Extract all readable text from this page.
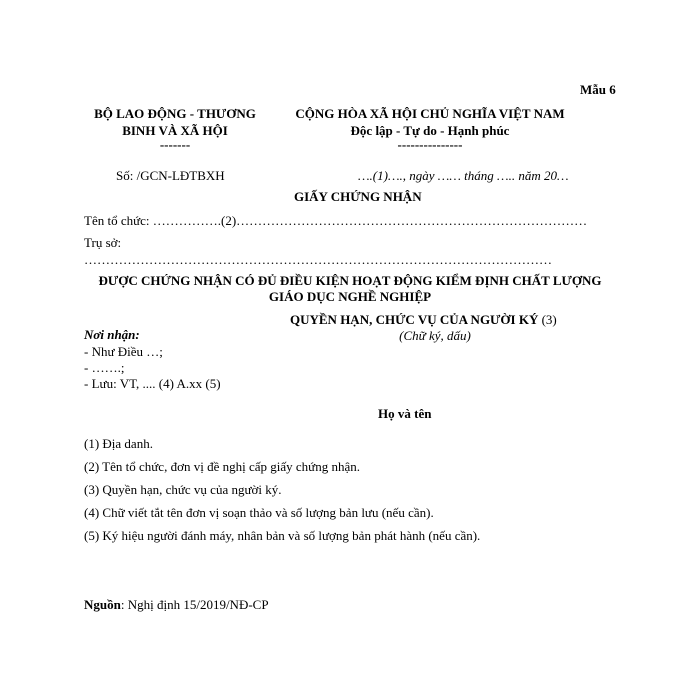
Mẫu 6
BỘ LAO ĐỘNG - THƯƠNG
BINH VÀ XÃ HỘI
-------
CỘNG HÒA XÃ HỘI CHỦ NGHĨA VIỆT NAM
Độc lập - Tự do - Hạnh phúc
---------------
Số: /GCN-LĐTBXH	….(1)…., ngày …… tháng ….. năm 20…
GIẤY CHỨNG NHẬN
Tên tổ chức: …………….(2)………………………………………………………………………
Trụ sở:
………………………………………………………………………………………………
ĐƯỢC CHỨNG NHẬN CÓ ĐỦ ĐIỀU KIỆN HOẠT ĐỘNG KIỂM ĐỊNH CHẤT LƯỢNG
GIÁO DỤC NGHỀ NGHIỆP
QUYỀN HẠN, CHỨC VỤ CỦA NGƯỜI KÝ (3)
(Chữ ký, dấu)
Nơi nhận:
- Như Điều …;
- …….;
- Lưu: VT, .... (4) A.xx (5)
Họ và tên
(1) Địa danh.
(2) Tên tổ chức, đơn vị đề nghị cấp giấy chứng nhận.
(3) Quyền hạn, chức vụ của người ký.
(4) Chữ viết tắt tên đơn vị soạn thảo và số lượng bản lưu (nếu cần).
(5) Ký hiệu người đánh máy, nhân bản và số lượng bản phát hành (nếu cần).
Nguồn: Nghị định 15/2019/NĐ-CP
